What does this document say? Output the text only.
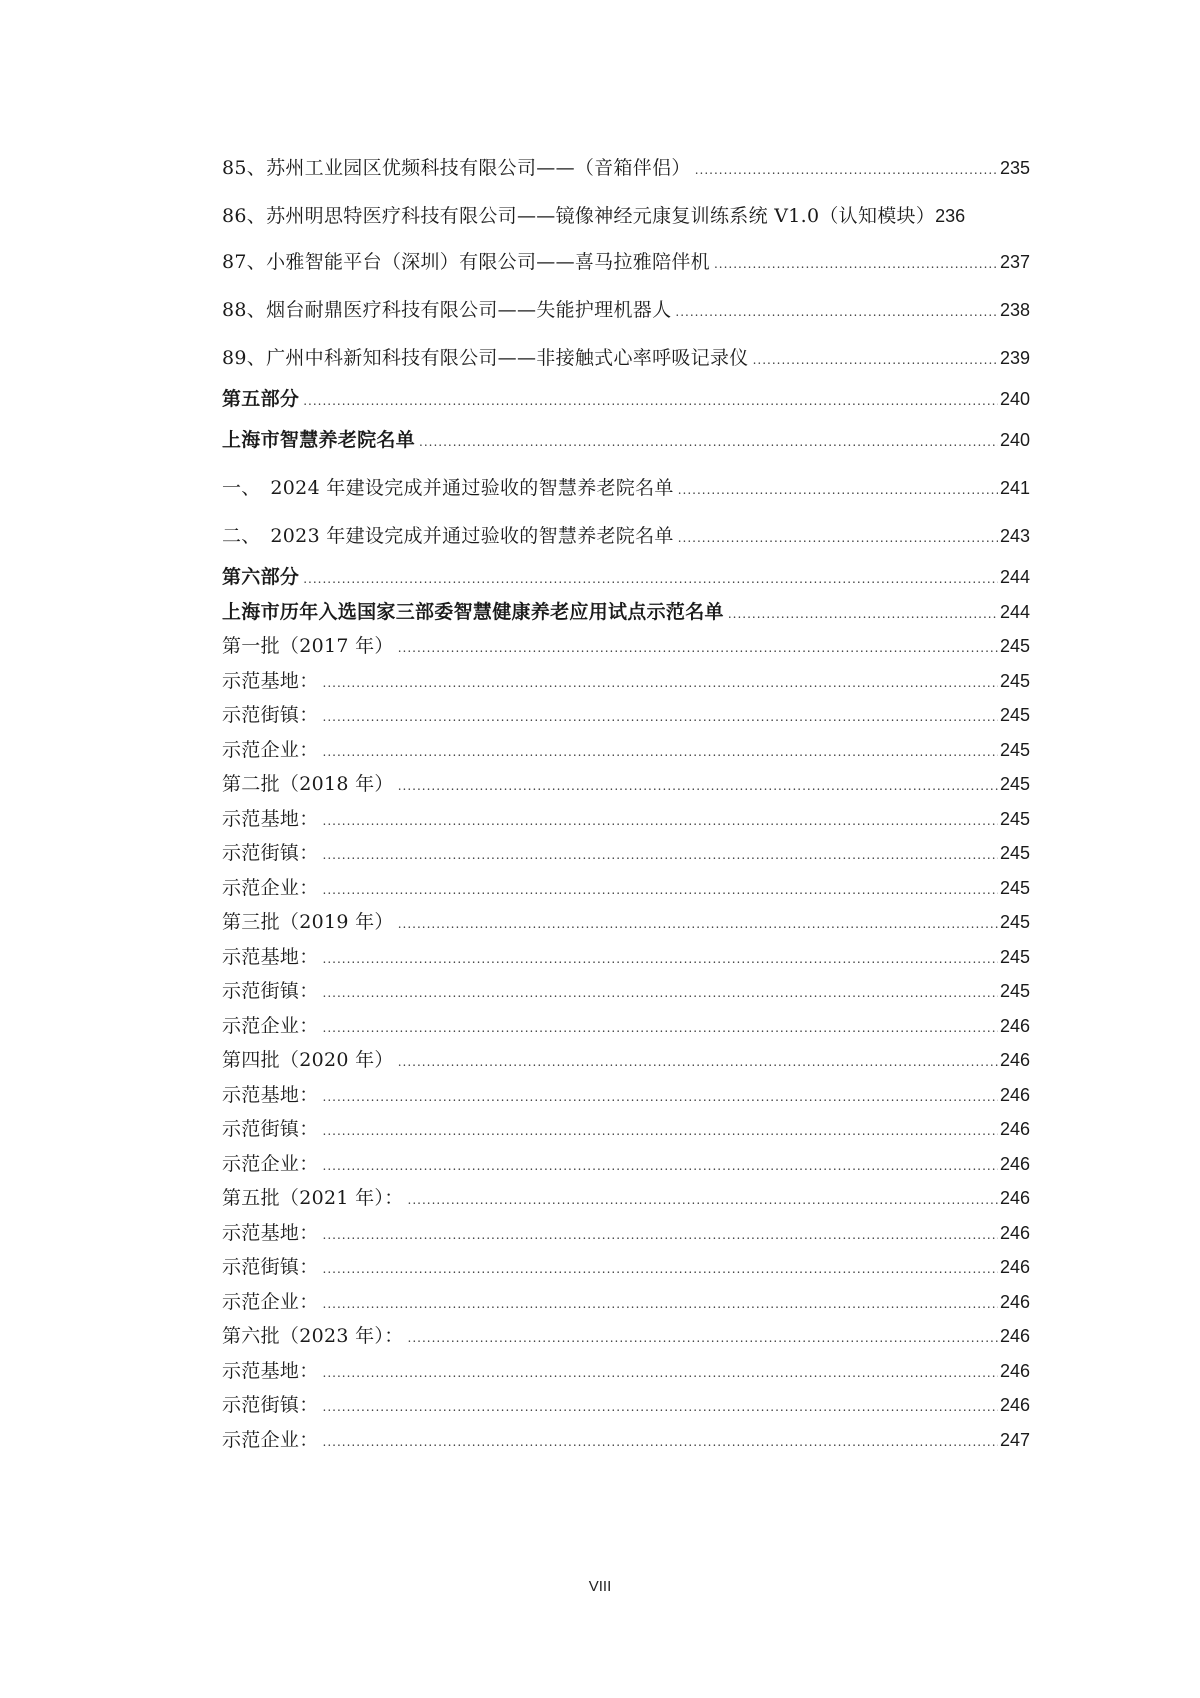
85、苏州工业园区优频科技有限公司——（音箱伴侣） .....	235
86、苏州明思特医疗科技有限公司——镜像神经元康复训练系统 V1.0（认知模块） 236
87、小雅智能平台（深圳）有限公司——喜马拉雅陪伴机 .....	237
88、烟台耐鼎医疗科技有限公司——失能护理机器人 .....	238
89、广州中科新知科技有限公司——非接触式心率呼吸记录仪 .....	239
第五部分 .....	240
上海市智慧养老院名单 .....	240
一、　2024 年建设完成并通过验收的智慧养老院名单 .....	241
二、　2023 年建设完成并通过验收的智慧养老院名单 .....	243
第六部分 .....	244
上海市历年入选国家三部委智慧健康养老应用试点示范名单 .....	244
第一批（2017 年） .....	245
示范基地： .....	245
示范街镇： .....	245
示范企业： .....	245
第二批（2018 年） .....	245
示范基地： .....	245
示范街镇： .....	245
示范企业： .....	245
第三批（2019 年） .....	245
示范基地： .....	245
示范街镇： .....	245
示范企业： .....	246
第四批（2020 年） .....	246
示范基地： .....	246
示范街镇： .....	246
示范企业： .....	246
第五批（2021 年）： .....	246
示范基地： .....	246
示范街镇： .....	246
示范企业： .....	246
第六批（2023 年）： .....	246
示范基地： .....	246
示范街镇： .....	246
示范企业： .....	247
VIII
